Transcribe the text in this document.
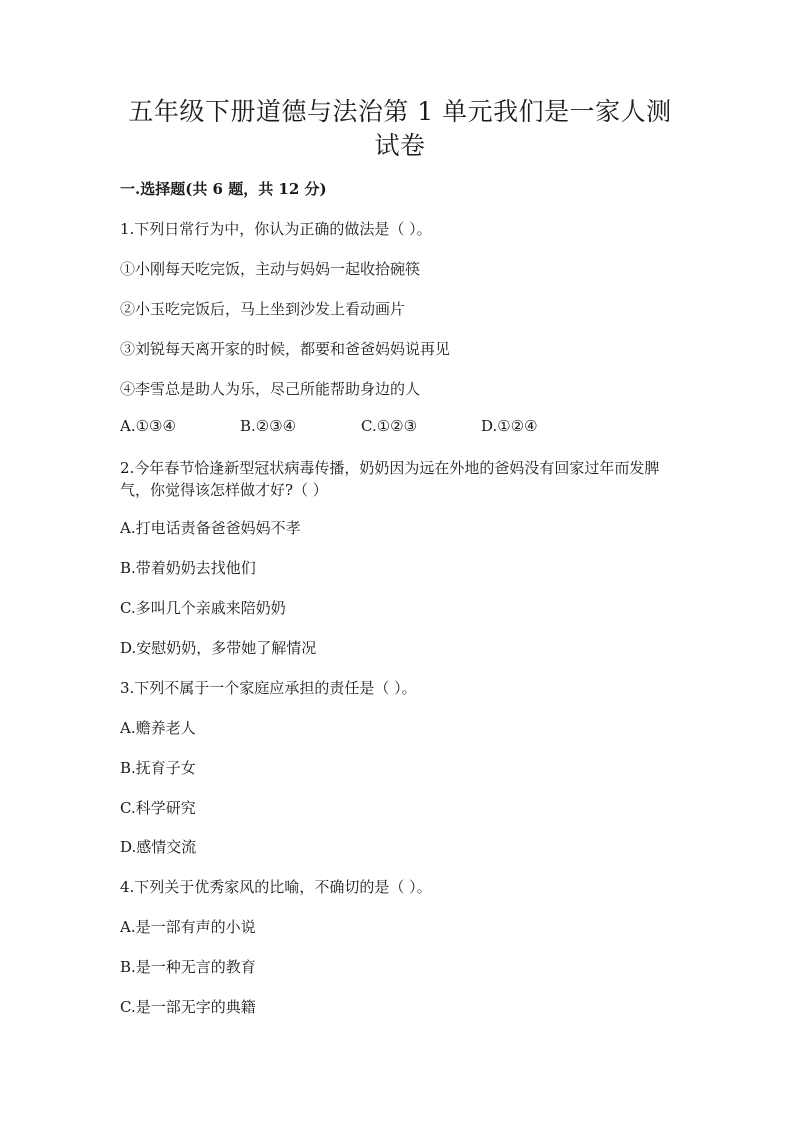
五年级下册道德与法治第 1 单元我们是一家人测试卷
一.选择题(共 6 题，共 12 分)

1.下列日常行为中，你认为正确的做法是（ ）。

①小刚每天吃完饭，主动与妈妈一起收拾碗筷

②小玉吃完饭后，马上坐到沙发上看动画片

③刘锐每天离开家的时候，都要和爸爸妈妈说再见

④李雪总是助人为乐，尽己所能帮助身边的人

A.①③④	B.②③④	C.①②③	D.①②④

2.今年春节恰逢新型冠状病毒传播，奶奶因为远在外地的爸妈没有回家过年而发脾气，你觉得该怎样做才好?（ ）

A.打电话责备爸爸妈妈不孝

B.带着奶奶去找他们

C.多叫几个亲戚来陪奶奶

D.安慰奶奶，多带她了解情况

3.下列不属于一个家庭应承担的责任是（ ）。

A.赡养老人

B.抚育子女

C.科学研究

D.感情交流

4.下列关于优秀家风的比喻，不确切的是（ ）。

A.是一部有声的小说

B.是一种无言的教育

C.是一部无字的典籍
